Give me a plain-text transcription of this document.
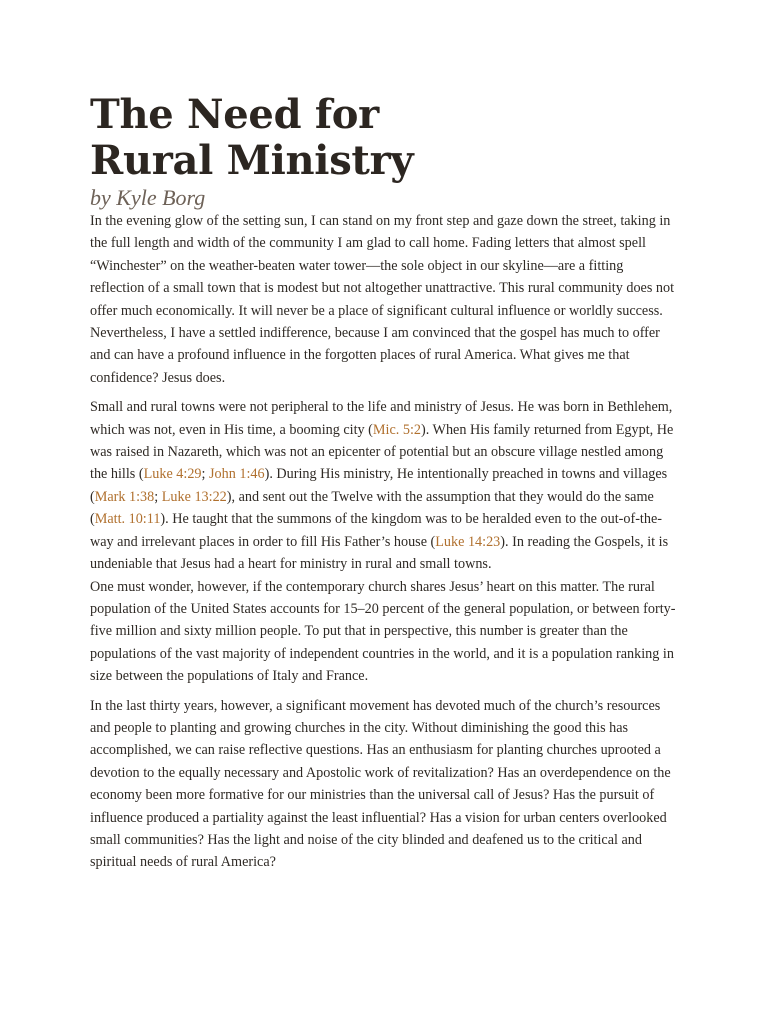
The Need for
Rural Ministry

by Kyle Borg

In the evening glow of the setting sun, I can stand on my front step and gaze down the street, taking in the full length and width of the community I am glad to call home. Fading letters that almost spell “Winchester” on the weather-beaten water tower—the sole object in our skyline—are a fitting reflection of a small town that is modest but not altogether unattractive. This rural community does not offer much economically. It will never be a place of significant cultural influence or worldly success. Nevertheless, I have a settled indifference, because I am convinced that the gospel has much to offer and can have a profound influence in the forgotten places of rural America. What gives me that confidence? Jesus does.

Small and rural towns were not peripheral to the life and ministry of Jesus. He was born in Bethlehem, which was not, even in His time, a booming city (Mic. 5:2). When His family returned from Egypt, He was raised in Nazareth, which was not an epicenter of potential but an obscure village nestled among the hills (Luke 4:29; John 1:46). During His ministry, He intentionally preached in towns and villages (Mark 1:38; Luke 13:22), and sent out the Twelve with the assumption that they would do the same (Matt. 10:11). He taught that the summons of the kingdom was to be heralded even to the out-of-the-way and irrelevant places in order to fill His Father’s house (Luke 14:23). In reading the Gospels, it is undeniable that Jesus had a heart for ministry in rural and small towns.

One must wonder, however, if the contemporary church shares Jesus’ heart on this matter. The rural population of the United States accounts for 15–20 percent of the general population, or between forty-five million and sixty million people. To put that in perspective, this number is greater than the populations of the vast majority of independent countries in the world, and it is a population ranking in size between the populations of Italy and France.

In the last thirty years, however, a significant movement has devoted much of the church’s resources and people to planting and growing churches in the city. Without diminishing the good this has accomplished, we can raise reflective questions. Has an enthusiasm for planting churches uprooted a devotion to the equally necessary and Apostolic work of revitalization? Has an overdependence on the economy been more formative for our ministries than the universal call of Jesus? Has the pursuit of influence produced a partiality against the least influential? Has a vision for urban centers overlooked small communities? Has the light and noise of the city blinded and deafened us to the critical and spiritual needs of rural America?
